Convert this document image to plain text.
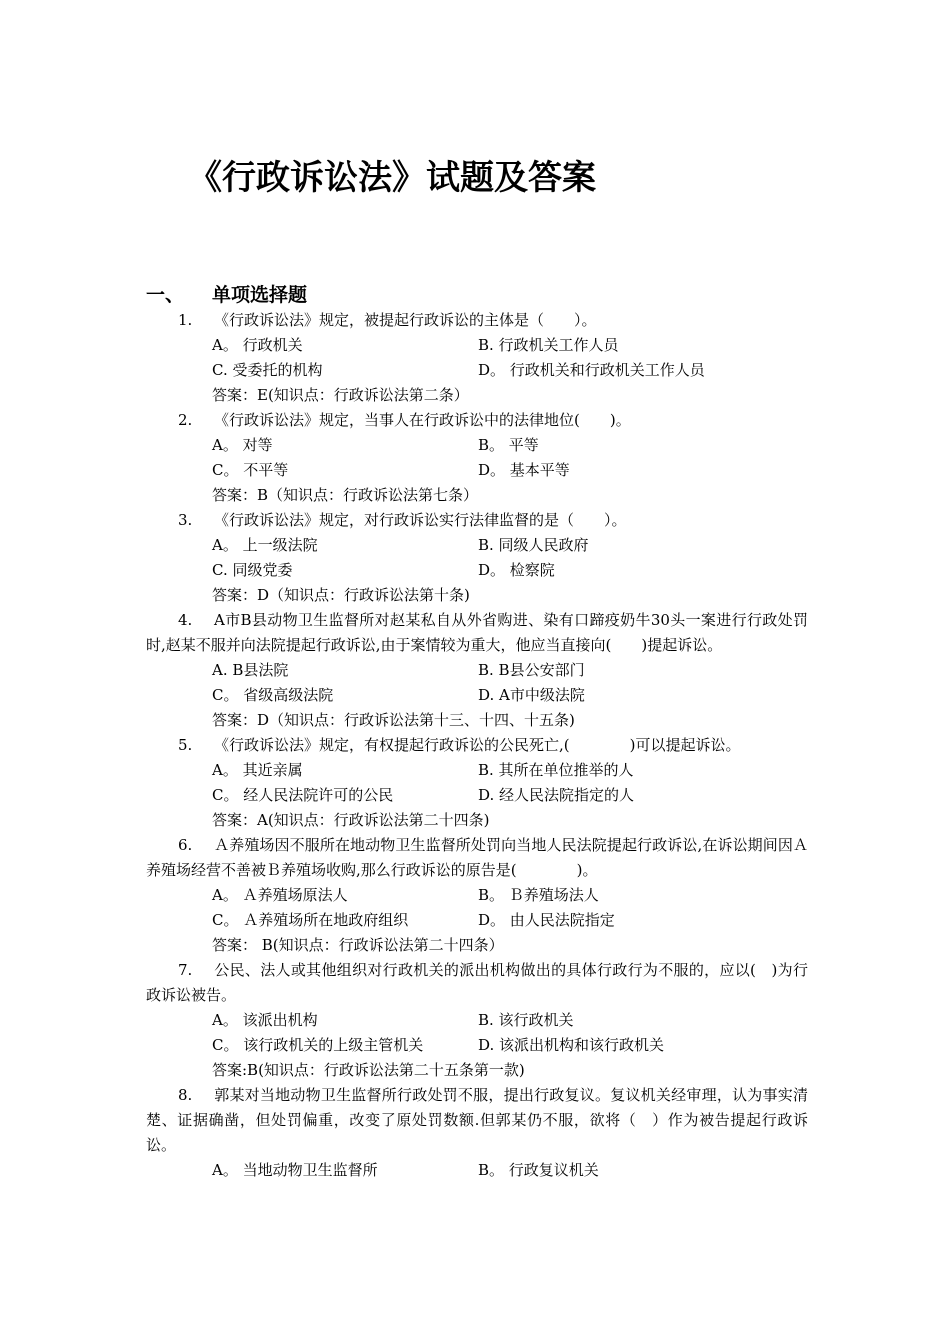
《行政诉讼法》试题及答案
一、 单项选择题
1. 《行政诉讼法》规定，被提起行政诉讼的主体是（　　）。
A。 行政机关	B. 行政机关工作人员
C. 受委托的机构	D。 行政机关和行政机关工作人员
答案：E(知识点：行政诉讼法第二条）
2. 《行政诉讼法》规定，当事人在行政诉讼中的法律地位(　　)。
A。 对等	B。 平等
C。 不平等	D。 基本平等
答案：B（知识点：行政诉讼法第七条）
3. 《行政诉讼法》规定，对行政诉讼实行法律监督的是（　　）。
A。 上一级法院	B. 同级人民政府
C. 同级党委	D。 检察院
答案：D（知识点：行政诉讼法第十条)
4. A市B县动物卫生监督所对赵某私自从外省购进、染有口蹄疫奶牛30头一案进行行政处罚时,赵某不服并向法院提起行政诉讼,由于案情较为重大，他应当直接向(　　)提起诉讼。
A. B县法院	B. B县公安部门
C。 省级高级法院	D. A市中级法院
答案：D（知识点：行政诉讼法第十三、十四、十五条)
5. 《行政诉讼法》规定，有权提起行政诉讼的公民死亡,(　　　　)可以提起诉讼。
A。 其近亲属	B. 其所在单位推举的人
C。 经人民法院许可的公民	D. 经人民法院指定的人
答案：A(知识点：行政诉讼法第二十四条)
6. Ａ养殖场因不服所在地动物卫生监督所处罚向当地人民法院提起行政诉讼,在诉讼期间因Ａ养殖场经营不善被Ｂ养殖场收购,那么行政诉讼的原告是(　　　　)。
A。 Ａ养殖场原法人	B。 Ｂ养殖场法人
C。 Ａ养殖场所在地政府组织	D。 由人民法院指定
答案： B(知识点：行政诉讼法第二十四条）
7. 公民、法人或其他组织对行政机关的派出机构做出的具体行政行为不服的，应以(　)为行政诉讼被告。
A。 该派出机构	B. 该行政机关
C。 该行政机关的上级主管机关	D. 该派出机构和该行政机关
答案:B(知识点：行政诉讼法第二十五条第一款)
8. 郭某对当地动物卫生监督所行政处罚不服，提出行政复议。复议机关经审理，认为事实清楚、证据确凿，但处罚偏重，改变了原处罚数额.但郭某仍不服，欲将（　）作为被告提起行政诉讼。
A。 当地动物卫生监督所	B。 行政复议机关
